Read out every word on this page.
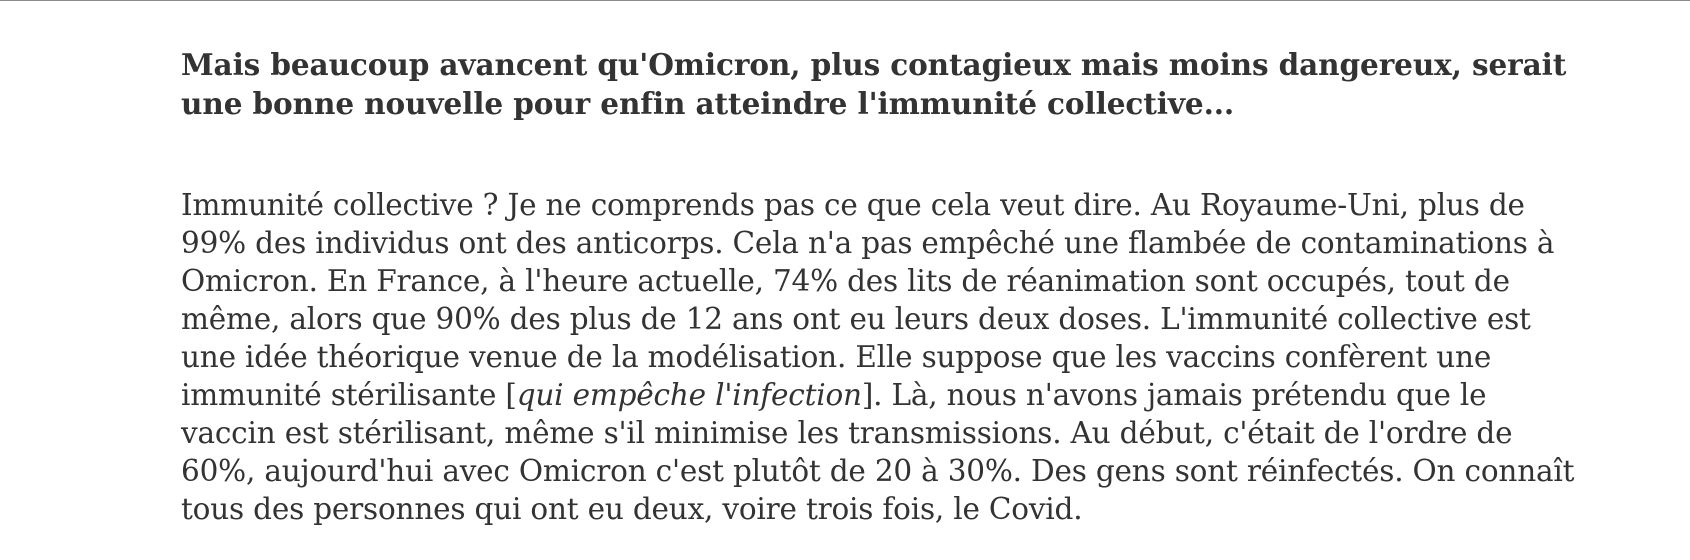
Mais beaucoup avancent qu'Omicron, plus contagieux mais moins dangereux, serait une bonne nouvelle pour enfin atteindre l'immunité collective...

Immunité collective ? Je ne comprends pas ce que cela veut dire. Au Royaume-Uni, plus de 99% des individus ont des anticorps. Cela n'a pas empêché une flambée de contaminations à Omicron. En France, à l'heure actuelle, 74% des lits de réanimation sont occupés, tout de même, alors que 90% des plus de 12 ans ont eu leurs deux doses. L'immunité collective est une idée théorique venue de la modélisation. Elle suppose que les vaccins confèrent une immunité stérilisante [qui empêche l'infection]. Là, nous n'avons jamais prétendu que le vaccin est stérilisant, même s'il minimise les transmissions. Au début, c'était de l'ordre de 60%, aujourd'hui avec Omicron c'est plutôt de 20 à 30%. Des gens sont réinfectés. On connaît tous des personnes qui ont eu deux, voire trois fois, le Covid.
